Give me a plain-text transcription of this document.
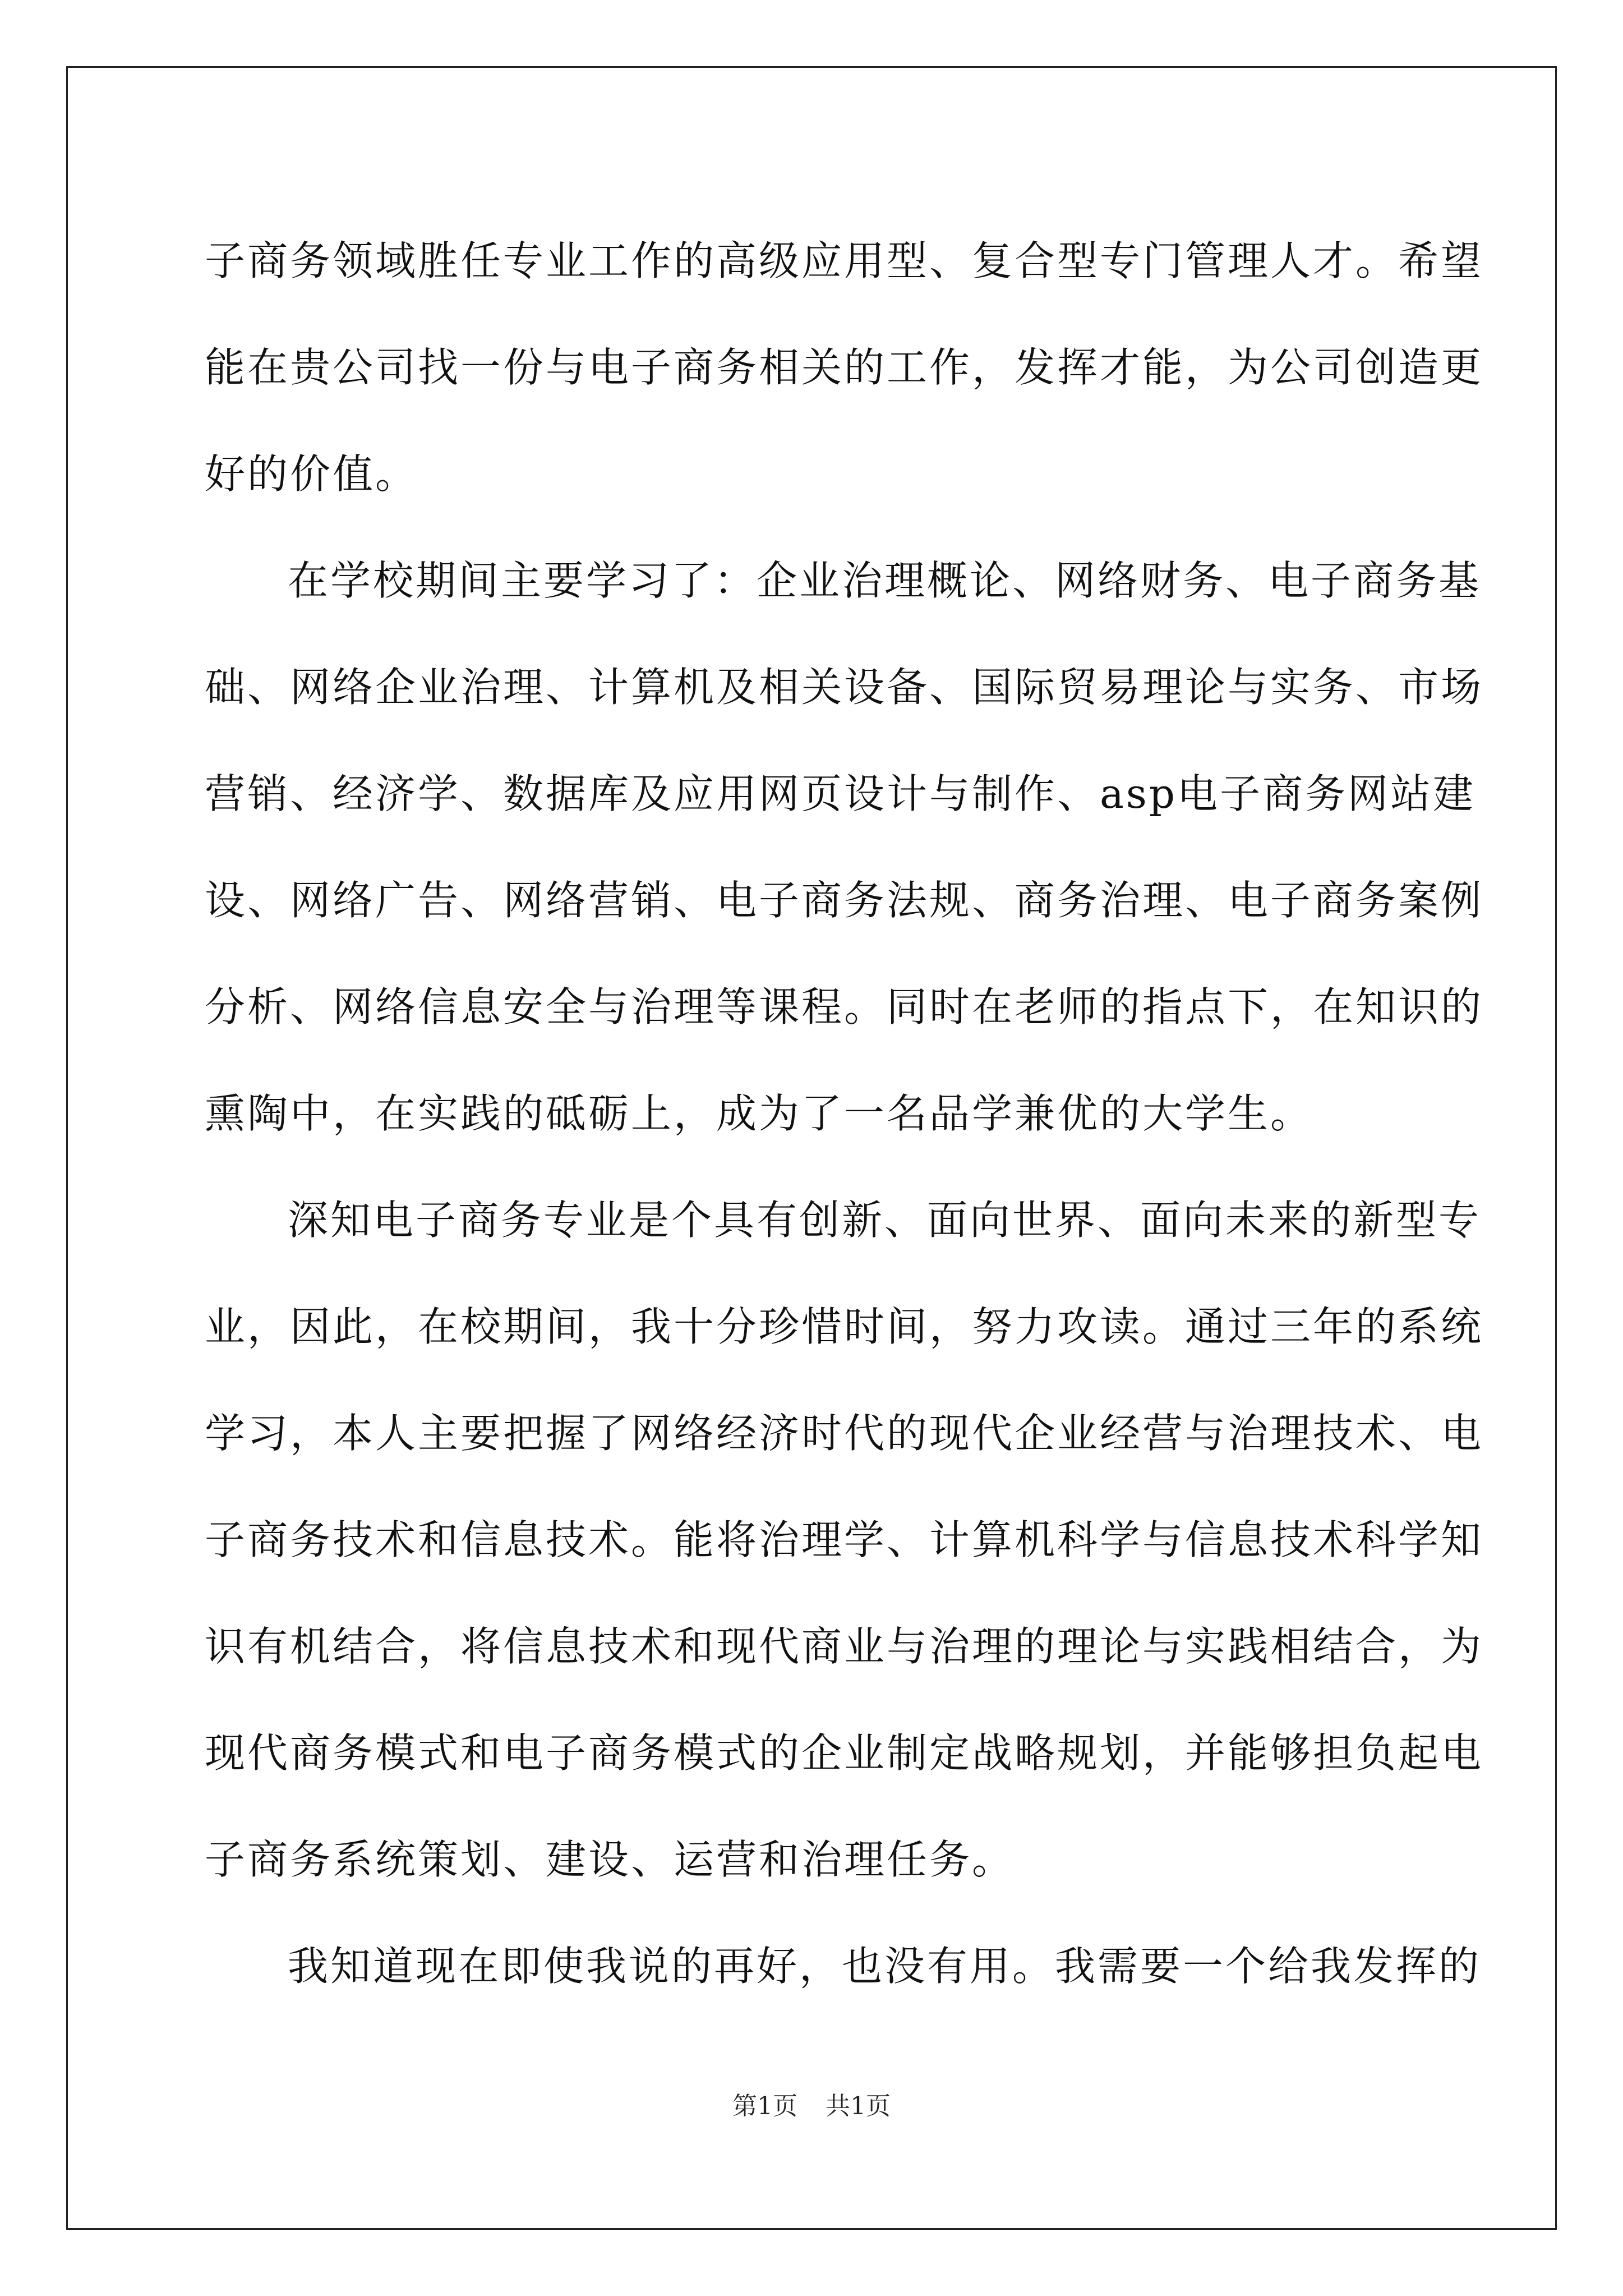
子商务领域胜任专业工作的高级应用型、复合型专门管理人才。希望
能在贵公司找一份与电子商务相关的工作，发挥才能，为公司创造更
好的价值。
在学校期间主要学习了：企业治理概论、网络财务、电子商务基
础、网络企业治理、计算机及相关设备、国际贸易理论与实务、市场
营销、经济学、数据库及应用网页设计与制作、asp电子商务网站建
设、网络广告、网络营销、电子商务法规、商务治理、电子商务案例
分析、网络信息安全与治理等课程。同时在老师的指点下，在知识的
熏陶中，在实践的砥砺上，成为了一名品学兼优的大学生。
深知电子商务专业是个具有创新、面向世界、面向未来的新型专
业，因此，在校期间，我十分珍惜时间，努力攻读。通过三年的系统
学习，本人主要把握了网络经济时代的现代企业经营与治理技术、电
子商务技术和信息技术。能将治理学、计算机科学与信息技术科学知
识有机结合，将信息技术和现代商业与治理的理论与实践相结合，为
现代商务模式和电子商务模式的企业制定战略规划，并能够担负起电
子商务系统策划、建设、运营和治理任务。
我知道现在即使我说的再好，也没有用。我需要一个给我发挥的
第1页 共1页
